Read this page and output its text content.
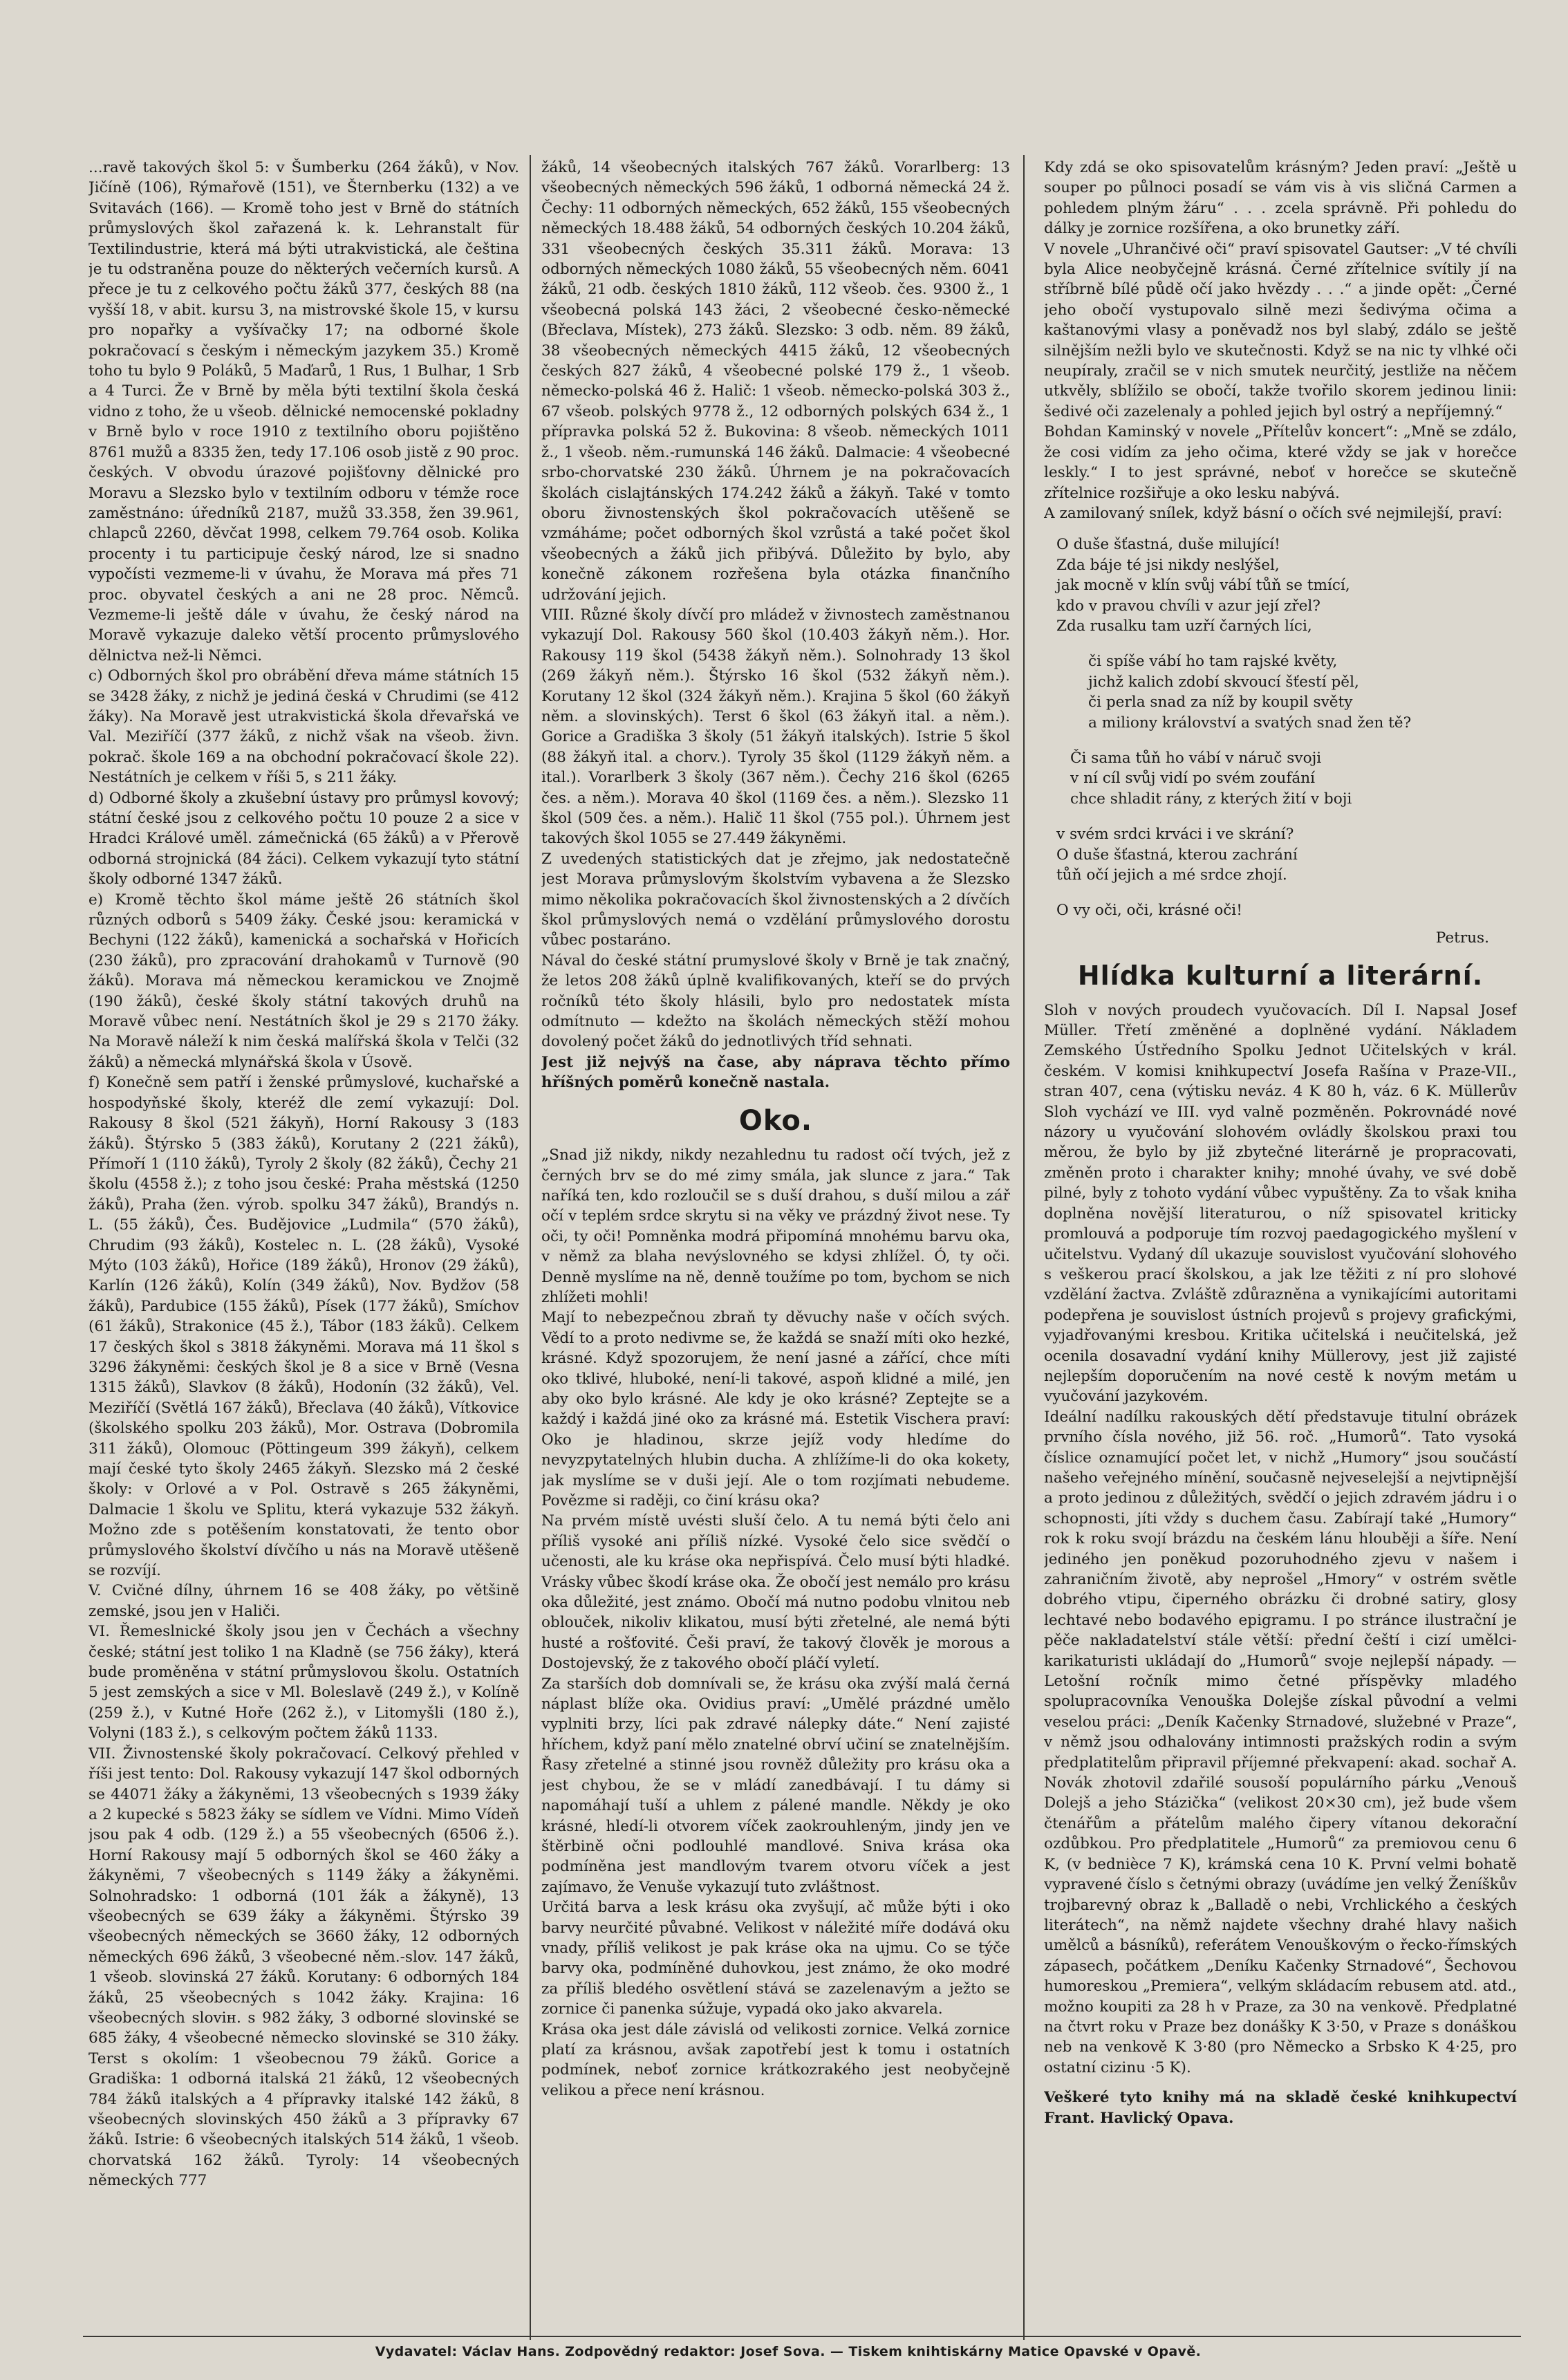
...ravě takových škol 5: v Šumberku (264 žáků), v Nov. Jičíně (106), Rýmařově (151), ve Šternberku (132) a ve Svitavách (166). — Kromě toho jest v Brně do státních průmyslových škol zařazená k. k. Lehranstalt für Textilindustrie, která má býti utrakvistická, ale čeština je tu odstraněna pouze do některých večerních kursů. A přece je tu z celkového počtu žáků 377, českých 88 (na vyšší 18, v abit. kursu 3, na mistrovské škole 15, v kursu pro nopařky a vyšívačky 17; na odborné škole pokračovací s českým i německým jazykem 35.) Kromě toho tu bylo 9 Poláků, 5 Maďarů, 1 Rus, 1 Bulhar, 1 Srb a 4 Turci. Že v Brně by měla býti textilní škola česká vidno z toho, že u všeob. dělnické nemocenské pokladny v Brně bylo v roce 1910 z textilního oboru pojištěno 8761 mužů a 8335 žen, tedy 17.106 osob jistě z 90 proc. českých. V obvodu úrazové pojišťovny dělnické pro Moravu a Slezsko bylo v textilním odboru v témže roce zaměstnáno: úředníků 2187, mužů 33.358, žen 39.961, chlapců 2260, děvčat 1998, celkem 79.764 osob. Kolika procenty i tu participuje český národ, lze si snadno vypočísti vezmeme-li v úvahu, že Morava má přes 71 proc. obyvatel českých a ani ne 28 proc. Němců. Vezmeme-li ještě dále v úvahu, že český národ na Moravě vykazuje daleko větší procento průmyslového dělnictva než-li Němci.

c) Odborných škol pro obrábění dřeva máme státních 15 se 3428 žáky, z nichž je jediná česká v Chrudimi (se 412 žáky). Na Moravě jest utrakvistická škola dřevařská ve Val. Meziříčí (377 žáků, z nichž však na všeob. živn. pokrač. škole 169 a na obchodní pokračovací škole 22). Nestátních je celkem v říši 5, s 211 žáky.

d) Odborné školy a zkušební ústavy pro průmysl kovový; státní české jsou z celkového počtu 10 pouze 2 a sice v Hradci Králové uměl. zámečnická (65 žáků) a v Přerově odborná strojnická (84 žáci). Celkem vykazují tyto státní školy odborné 1347 žáků.

e) Kromě těchto škol máme ještě 26 státních škol různých odborů s 5409 žáky. České jsou: keramická v Bechyni (122 žáků), kamenická a sochařská v Hořicích (230 žáků), pro zpracování drahokamů v Turnově (90 žáků). Morava má německou keramickou ve Znojmě (190 žáků), české školy státní takových druhů na Moravě vůbec není. Nestátních škol je 29 s 2170 žáky. Na Moravě náleží k nim česká malířská škola v Telči (32 žáků) a německá mlynářská škola v Úsově.

f) Konečně sem patří i ženské průmyslové, kuchařské a hospodyňské školy, kteréž dle zemí vykazují: Dol. Rakousy 8 škol (521 žákyň), Horní Rakousy 3 (183 žáků). Štýrsko 5 (383 žáků), Korutany 2 (221 žáků), Přímoří 1 (110 žáků), Tyroly 2 školy (82 žáků), Čechy 21 školu (4558 ž.); z toho jsou české: Praha městská (1250 žáků), Praha (žen. výrob. spolku 347 žáků), Brandýs n. L. (55 žáků), Čes. Budějovice „Ludmila“ (570 žáků), Chrudim (93 žáků), Kostelec n. L. (28 žáků), Vysoké Mýto (103 žáků), Hořice (189 žáků), Hronov (29 žáků), Karlín (126 žáků), Kolín (349 žáků), Nov. Bydžov (58 žáků), Pardubice (155 žáků), Písek (177 žáků), Smíchov (61 žáků), Strakonice (45 ž.), Tábor (183 žáků). Celkem 17 českých škol s 3818 žákyněmi. Morava má 11 škol s 3296 žákyněmi: českých škol je 8 a sice v Brně (Vesna 1315 žáků), Slavkov (8 žáků), Hodonín (32 žáků), Vel. Meziříčí (Světlá 167 žáků), Břeclava (40 žáků), Vítkovice (školského spolku 203 žáků), Mor. Ostrava (Dobromila 311 žáků), Olomouc (Pöttingeum 399 žákyň), celkem mají české tyto školy 2465 žákyň. Slezsko má 2 české školy: v Orlové a v Pol. Ostravě s 265 žákyněmi, Dalmacie 1 školu ve Splitu, která vykazuje 532 žákyň. Možno zde s potěšením konstatovati, že tento obor průmyslového školství dívčího u nás na Moravě utěšeně se rozvíjí.

V. Cvičné dílny, úhrnem 16 se 408 žáky, po většině zemské, jsou jen v Haliči.

VI. Řemeslnické školy jsou jen v Čechách a všechny české; státní jest toliko 1 na Kladně (se 756 žáky), která bude proměněna v státní průmyslovou školu. Ostatních 5 jest zemských a sice v Ml. Boleslavě (249 ž.), v Kolíně (259 ž.), v Kutné Hoře (262 ž.), v Litomyšli (180 ž.), Volyni (183 ž.), s celkovým počtem žáků 1133.

VII. Živnostenské školy pokračovací. Celkový přehled v říši jest tento: Dol. Rakousy vykazují 147 škol odborných se 44071 žáky a žákyněmi, 13 všeobecných s 1939 žáky a 2 kupecké s 5823 žáky se sídlem ve Vídni. Mimo Vídeň jsou pak 4 odb. (129 ž.) a 55 všeobecných (6506 ž.). Horní Rakousy mají 5 odborných škol se 460 žáky a žákyněmi, 7 všeobecných s 1149 žáky a žákyněmi. Solnohradsko: 1 odborná (101 žák a žákyně), 13 všeobecných se 639 žáky a žákyněmi. Štýrsko 39 všeobecných německých se 3660 žáky, 12 odborných německých 696 žáků, 3 všeobecné něm.-slov. 147 žáků, 1 všeob. slovinská 27 žáků. Korutany: 6 odborných 184 žáků, 25 všeobecných s 1042 žáky. Krajina: 16 všeobecných sloviн. s 982 žáky, 3 odborné slovinské se 685 žáky, 4 všeobecné německo slovinské se 310 žáky. Terst s okolím: 1 všeobecnou 79 žáků. Gorice a Gradiška: 1 odborná italská 21 žáků, 12 všeobecných 784 žáků italských a 4 přípravky italské 142 žáků, 8 všeobecných slovinských 450 žáků a 3 přípravky 67 žáků. Istrie: 6 všeobecných italských 514 žáků, 1 všeob. chorvatská 162 žáků. Tyroly: 14 všeobecných německých 777

žáků, 14 všeobecných italských 767 žáků. Vorarlberg: 13 všeobecných německých 596 žáků, 1 odborná německá 24 ž. Čechy: 11 odborných německých, 652 žáků, 155 všeobecných německých 18.488 žáků, 54 odborných českých 10.204 žáků, 331 všeobecných českých 35.311 žáků. Morava: 13 odborných německých 1080 žáků, 55 všeobecných něm. 6041 žáků, 21 odb. českých 1810 žáků, 112 všeob. čes. 9300 ž., 1 všeobecná polská 143 žáci, 2 všeobecné česko-německé (Břeclava, Místek), 273 žáků. Slezsko: 3 odb. něm. 89 žáků, 38 všeobecných německých 4415 žáků, 12 všeobecných českých 827 žáků, 4 všeobecné polské 179 ž., 1 všeob. německo-polská 46 ž. Halič: 1 všeob. německo-polská 303 ž., 67 všeob. polských 9778 ž., 12 odborných polských 634 ž., 1 přípravka polská 52 ž. Bukovina: 8 všeob. německých 1011 ž., 1 všeob. něm.-rumunská 146 žáků. Dalmacie: 4 všeobecné srbo-chorvatské 230 žáků. Úhrnem je na pokračovacích školách cislajtánských 174.242 žáků a žákyň. Také v tomto oboru živnostenských škol pokračovacích utěšeně se vzmáháme; počet odborných škol vzrůstá a také počet škol všeobecných a žáků jich přibývá. Důležito by bylo, aby konečně zákonem rozřešena byla otázka finančního udržování jejich.

VIII. Různé školy dívčí pro mládež v živnostech zaměstnanou vykazují Dol. Rakousy 560 škol (10.403 žákyň něm.). Hor. Rakousy 119 škol (5438 žákyň něm.). Solnohrady 13 škol (269 žákyň něm.). Štýrsko 16 škol (532 žákyň něm.). Korutany 12 škol (324 žákyň něm.). Krajina 5 škol (60 žákyň něm. a slovinských). Terst 6 škol (63 žákyň ital. a něm.). Gorice a Gradiška 3 školy (51 žákyň italských). Istrie 5 škol (88 žákyň ital. a chorv.). Tyroly 35 škol (1129 žákyň něm. a ital.). Vorarlberk 3 školy (367 něm.). Čechy 216 škol (6265 čes. a něm.). Morava 40 škol (1169 čes. a něm.). Slezsko 11 škol (509 čes. a něm.). Halič 11 škol (755 pol.). Úhrnem jest takových škol 1055 se 27.449 žákyněmi.

Z uvedených statistických dat je zřejmo, jak nedostatečně jest Morava průmyslovým školstvím vybavena a že Slezsko mimo několika pokračovacích škol živnostenských a 2 dívčích škol průmyslových nemá o vzdělání průmyslového dorostu vůbec postaráno.

Nával do české státní prumyslové školy v Brně je tak značný, že letos 208 žáků úplně kvalifikovaných, kteří se do prvých ročníků této školy hlásili, bylo pro nedostatek místa odmítnuto — kdežto na školách německých stěží mohou dovolený počet žáků do jednotlivých tříd sehnati.

Jest již nejvýš na čase, aby náprava těchto přímo hříšných poměrů konečně nastala.

Oko.

„Snad již nikdy, nikdy nezahlednu tu radost očí tvých, jež z černých brv se do mé zimy smála, jak slunce z jara.“ Tak naříká ten, kdo rozloučil se s duší drahou, s duší milou a zář očí v teplém srdce skrytu si na věky ve prázdný život nese. Ty oči, ty oči! Pomněnka modrá připomíná mnohému barvu oka, v němž za blaha nevýslovného se kdysi zhlížel. Ó, ty oči. Denně myslíme na ně, denně toužíme po tom, bychom se nich zhlížeti mohli!

Mají to nebezpečnou zbraň ty děvuchy naše v očích svých. Vědí to a proto nedivme se, že každá se snaží míti oko hezké, krásné. Když spozorujem, že není jasné a zářící, chce míti oko tklivé, hluboké, není-li takové, aspoň klidné a milé, jen aby oko bylo krásné. Ale kdy je oko krásné? Zeptejte se a každý i každá jiné oko za krásné má. Estetik Vischera praví: Oko je hladinou, skrze jejíž vody hledíme do nevyzpytatelných hlubin ducha. A zhlížíme-li do oka kokety, jak myslíme se v duši její. Ale o tom rozjímati nebudeme. Povězme si raději, co činí krásu oka?

Na prvém místě uvésti sluší čelo. A tu nemá býti čelo ani příliš vysoké ani příliš nízké. Vysoké čelo sice svědčí o učenosti, ale ku kráse oka nepřispívá. Čelo musí býti hladké. Vrásky vůbec škodí kráse oka. Že obočí jest nemálo pro krásu oka důležité, jest známo. Obočí má nutno podobu vlnitou neb oblouček, nikoliv klikatou, musí býti zřetelné, ale nemá býti husté a rošťovité. Češi praví, že takový člověk je morous a Dostojevský, že z takového obočí pláčí vyletí.

Za starších dob domnívali se, že krásu oka zvýší malá černá náplast blíže oka. Ovidius praví: „Umělé prázdné umělo vyplniti brzy, líci pak zdravé nálepky dáte.“ Není zajisté hříchem, když paní mělo znatelné obrví učiní se znatelnějším. Řasy zřetelné a stinné jsou rovněž důležity pro krásu oka a jest chybou, že se v mládí zanedbávají. I tu dámy si napomáhají tuší a uhlem z pálené mandle. Někdy je oko krásné, hledí-li otvorem víček zaokrouhleným, jindy jen ve štěrbině očni podlouhlé mandlové. Sniva krása oka podmíněna jest mandlovým tvarem otvoru víček a jest zajímavo, že Venuše vykazují tuto zvláštnost.

Určitá barva a lesk krásu oka zvyšují, ač může býti i oko barvy neurčité půvabné. Velikost v náležité míře dodává oku vnady, příliš velikost je pak kráse oka na ujmu. Co se týče barvy oka, podmíněné duhovkou, jest známo, že oko modré za příliš bledého osvětlení stává se zazelenavým a ježto se zornice či panenka súžuje, vypadá oko jako akvarela.

Krása oka jest dále závislá od velikosti zornice. Velká zornice platí za krásnou, avšak zapotřebí jest k tomu i ostatních podmínek, neboť zornice krátkozrakého jest neobyčejně velikou a přece není krásnou.

Kdy zdá se oko spisovatelům krásným? Jeden praví: „Ještě u souper po půlnoci posadí se vám vis à vis sličná Carmen a pohledem plným žáru“ . . . zcela správně. Při pohledu do dálky je zornice rozšířena, a oko brunetky září.

V novele „Uhrančivé oči“ praví spisovatel Gautser: „V té chvíli byla Alice neobyčejně krásná. Černé zřítelnice svítily jí na stříbrně bílé půdě očí jako hvězdy . . .“ a jinde opět: „Černé jeho obočí vystupovalo silně mezi šedivýma očima a kaštanovými vlasy a poněvadž nos byl slabý, zdálo se ještě silnějším nežli bylo ve skutečnosti. Když se na nic ty vlhké oči neupíraly, zračil se v nich smutek neurčitý, jestliže na něčem utkvěly, sblížilo se obočí, takže tvořilo skorem jedinou linii: šedivé oči zazelenaly a pohled jejich byl ostrý a nepříjemný.“

Bohdan Kaminský v novele „Přítelův koncert“: „Mně se zdálo, že cosi vidím za jeho očima, které vždy se jak v horečce leskly.“ I to jest správné, neboť v horečce se skutečně zřítelnice rozšiřuje a oko lesku nabývá.

A zamilovaný snílek, když básní o očích své nejmilejší, praví:

O duše šťastná, duše milující!
Zda báje té jsi nikdy neslýšel,
jak mocně v klín svůj vábí tůň se tmící,
kdo v pravou chvíli v azur její zřel?
Zda rusalku tam uzří čarných líci,
či spíše vábí ho tam rajské květy,
jichž kalich zdobí skvoucí šťestí pěl,
či perla snad za níž by koupil světy
a miliony království a svatých snad žen tě?
Či sama tůň ho vábí v náruč svoji
v ní cíl svůj vidí po svém zoufání
chce shladit rány, z kterých žití v boji
v svém srdci krváci i ve skrání?
O duše šťastná, kterou zachrání
tůň očí jejich a mé srdce zhojí.
O vy oči, oči, krásné oči!
Petrus.
Hlídka kulturní a literární.

Sloh v nových proudech vyučovacích. Díl I. Napsal Josef Müller. Třetí změněné a doplněné vydání. Nákladem Zemského Ústředního Spolku Jednot Učitelských v král. českém. V komisi knihkupectví Josefa Rašína v Praze-VII., stran 407, cena (výtisku neváz. 4 K 80 h, váz. 6 K. Müllerův Sloh vychází ve III. vyd valně pozměněn. Pokrovnádé nové názory u vyučování slohovém ovládly školskou praxi tou měrou, že bylo by již zbytečné literárně je propracovati, změněn proto i charakter knihy; mnohé úvahy, ve své době pilné, byly z tohoto vydání vůbec vypuštěny. Za to však kniha doplněna novější literaturou, o níž spisovatel kriticky promlouvá a podporuje tím rozvoj paedagogického myšlení v učitelstvu. Vydaný díl ukazuje souvislost vyučování slohového s veškerou prací školskou, a jak lze těžiti z ní pro slohové vzdělání žactva. Zvláště zdůrazněna a vynikajícími autoritami podepřena je souvislost ústních projevů s projevy grafickými, vyjadřovanými kresbou. Kritika učitelská i neučitelská, jež ocenila dosavadní vydání knihy Müllerovy, jest již zajisté nejlepším doporučením na nové cestě k novým metám u vyučování jazykovém.

Ideální nadílku rakouských dětí představuje titulní obrázek prvního čísla nového, již 56. roč. „Humorů“. Tato vysoká číslice oznamující počet let, v nichž „Humory“ jsou součástí našeho veřejného mínění, současně nejveselejší a nejvtipnější a proto jedinou z důležitých, svědčí o jejich zdravém jádru i o schopnosti, jíti vždy s duchem času. Zabírají také „Humory“ rok k roku svojí brázdu na českém lánu hlouběji a šíře. Není jediného jen poněkud pozoruhodného zjevu v našem i zahraničním životě, aby neprošel „Hmory“ v ostrém světle dobrého vtipu, čiperného obrázku či drobné satiry, glosy lechtavé nebo bodavého epigramu. I po stránce ilustrační je pěče nakladatelství stále větší: přední čeští i cizí umělci-karikaturisti ukládají do „Humorů“ svoje nejlepší nápady. — Letošní ročník mimo četné příspěvky mladého spolupracovníka Venouška Dolejše získal původní a velmi veselou práci: „Deník Kačenky Strnadové, služebné v Praze“, v němž jsou odhalovány intimnosti pražských rodin a svým předplatitelům připravil příjemné překvapení: akad. sochař A. Novák zhotovil zdařilé sousoší populárního párku „Venouš Dolejš a jeho Stázička“ (velikost 20×30 cm), jež bude všem čtenářům a přátelům malého čipery vítanou dekorační ozdůbkou. Pro předplatitele „Humorů“ za premiovou cenu 6 K, (v bednièce 7 K), krámská cena 10 K. První velmi bohatě vypravené číslo s četnými obrazy (uvádíme jen velký Ženíškův trojbarevný obraz k „Balladě o nebi, Vrchlického a českých literátech“, na němž najdete všechny drahé hlavy našich umělců a básníků), referátem Venouškovým o řecko-římských zápasech, počátkem „Deníku Kačenky Strnadové“, Šechovou humoreskou „Premiera“, velkým skládacím rebusem atd. atd., možno koupiti za 28 h v Praze, za 30 na venkově. Předplatné na čtvrt roku v Praze bez donášky K 3·50, v Praze s donáškou neb na venkově K 3·80 (pro Německo a Srbsko K 4·25, pro ostatní cizinu ·5 K).

Veškeré tyto knihy má na skladě české knihkupectví Frant. Havlický Opava.

Vydavatel: Václav Hans. Zodpovědný redaktor: Josef Sova. — Tiskem knihtiskárny Matice Opavské v Opavě.
